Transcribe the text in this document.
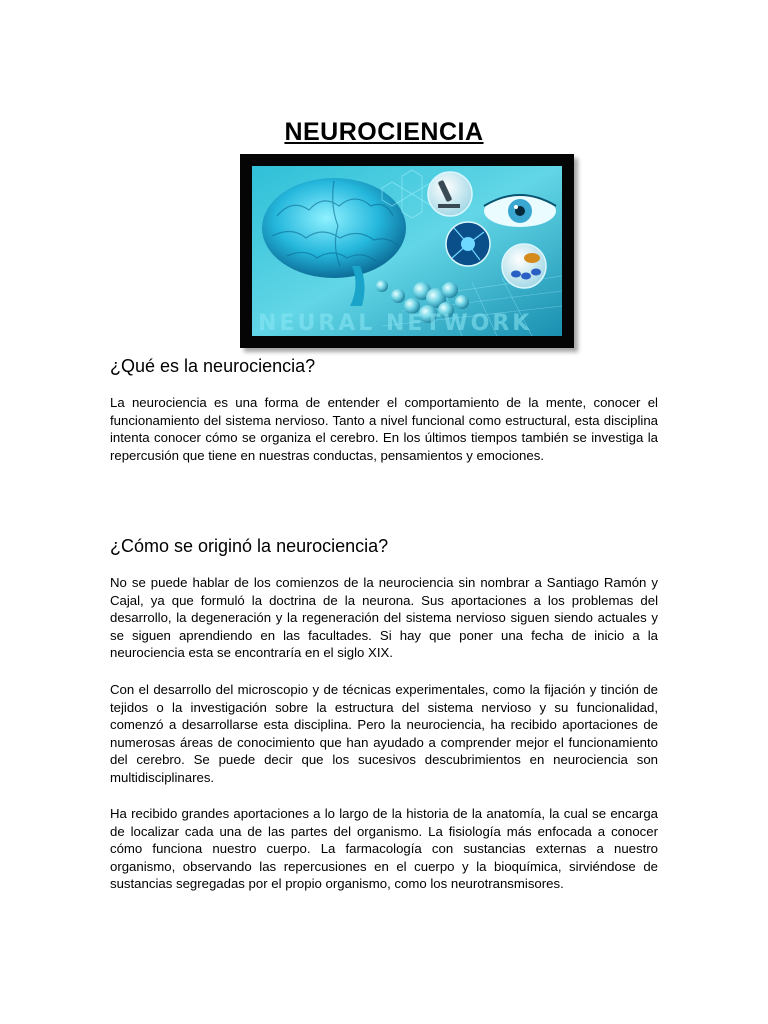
NEUROCIENCIA
NEURAL NETWORK
¿Qué es la neurociencia?

La neurociencia es una forma de entender el comportamiento de la mente, conocer el funcionamiento del sistema nervioso. Tanto a nivel funcional como estructural, esta disciplina intenta conocer cómo se organiza el cerebro. En los últimos tiempos también se investiga la repercusión que tiene en nuestras conductas, pensamientos y emociones.

¿Cómo se originó la neurociencia?

No se puede hablar de los comienzos de la neurociencia sin nombrar a Santiago Ramón y Cajal, ya que formuló la doctrina de la neurona. Sus aportaciones a los problemas del desarrollo, la degeneración y la regeneración del sistema nervioso siguen siendo actuales y se siguen aprendiendo en las facultades. Si hay que poner una fecha de inicio a la neurociencia esta se encontraría en el siglo XIX.

Con el desarrollo del microscopio y de técnicas experimentales, como la fijación y tinción de tejidos o la investigación sobre la estructura del sistema nervioso y su funcionalidad, comenzó a desarrollarse esta disciplina. Pero la neurociencia, ha recibido aportaciones de numerosas áreas de conocimiento que han ayudado a comprender mejor el funcionamiento del cerebro. Se puede decir que los sucesivos descubrimientos en neurociencia son multidisciplinares.

Ha recibido grandes aportaciones a lo largo de la historia de la anatomía, la cual se encarga de localizar cada una de las partes del organismo. La fisiología más enfocada a conocer cómo funciona nuestro cuerpo. La farmacología con sustancias externas a nuestro organismo, observando las repercusiones en el cuerpo y la bioquímica, sirviéndose de sustancias segregadas por el propio organismo, como los neurotransmisores.
